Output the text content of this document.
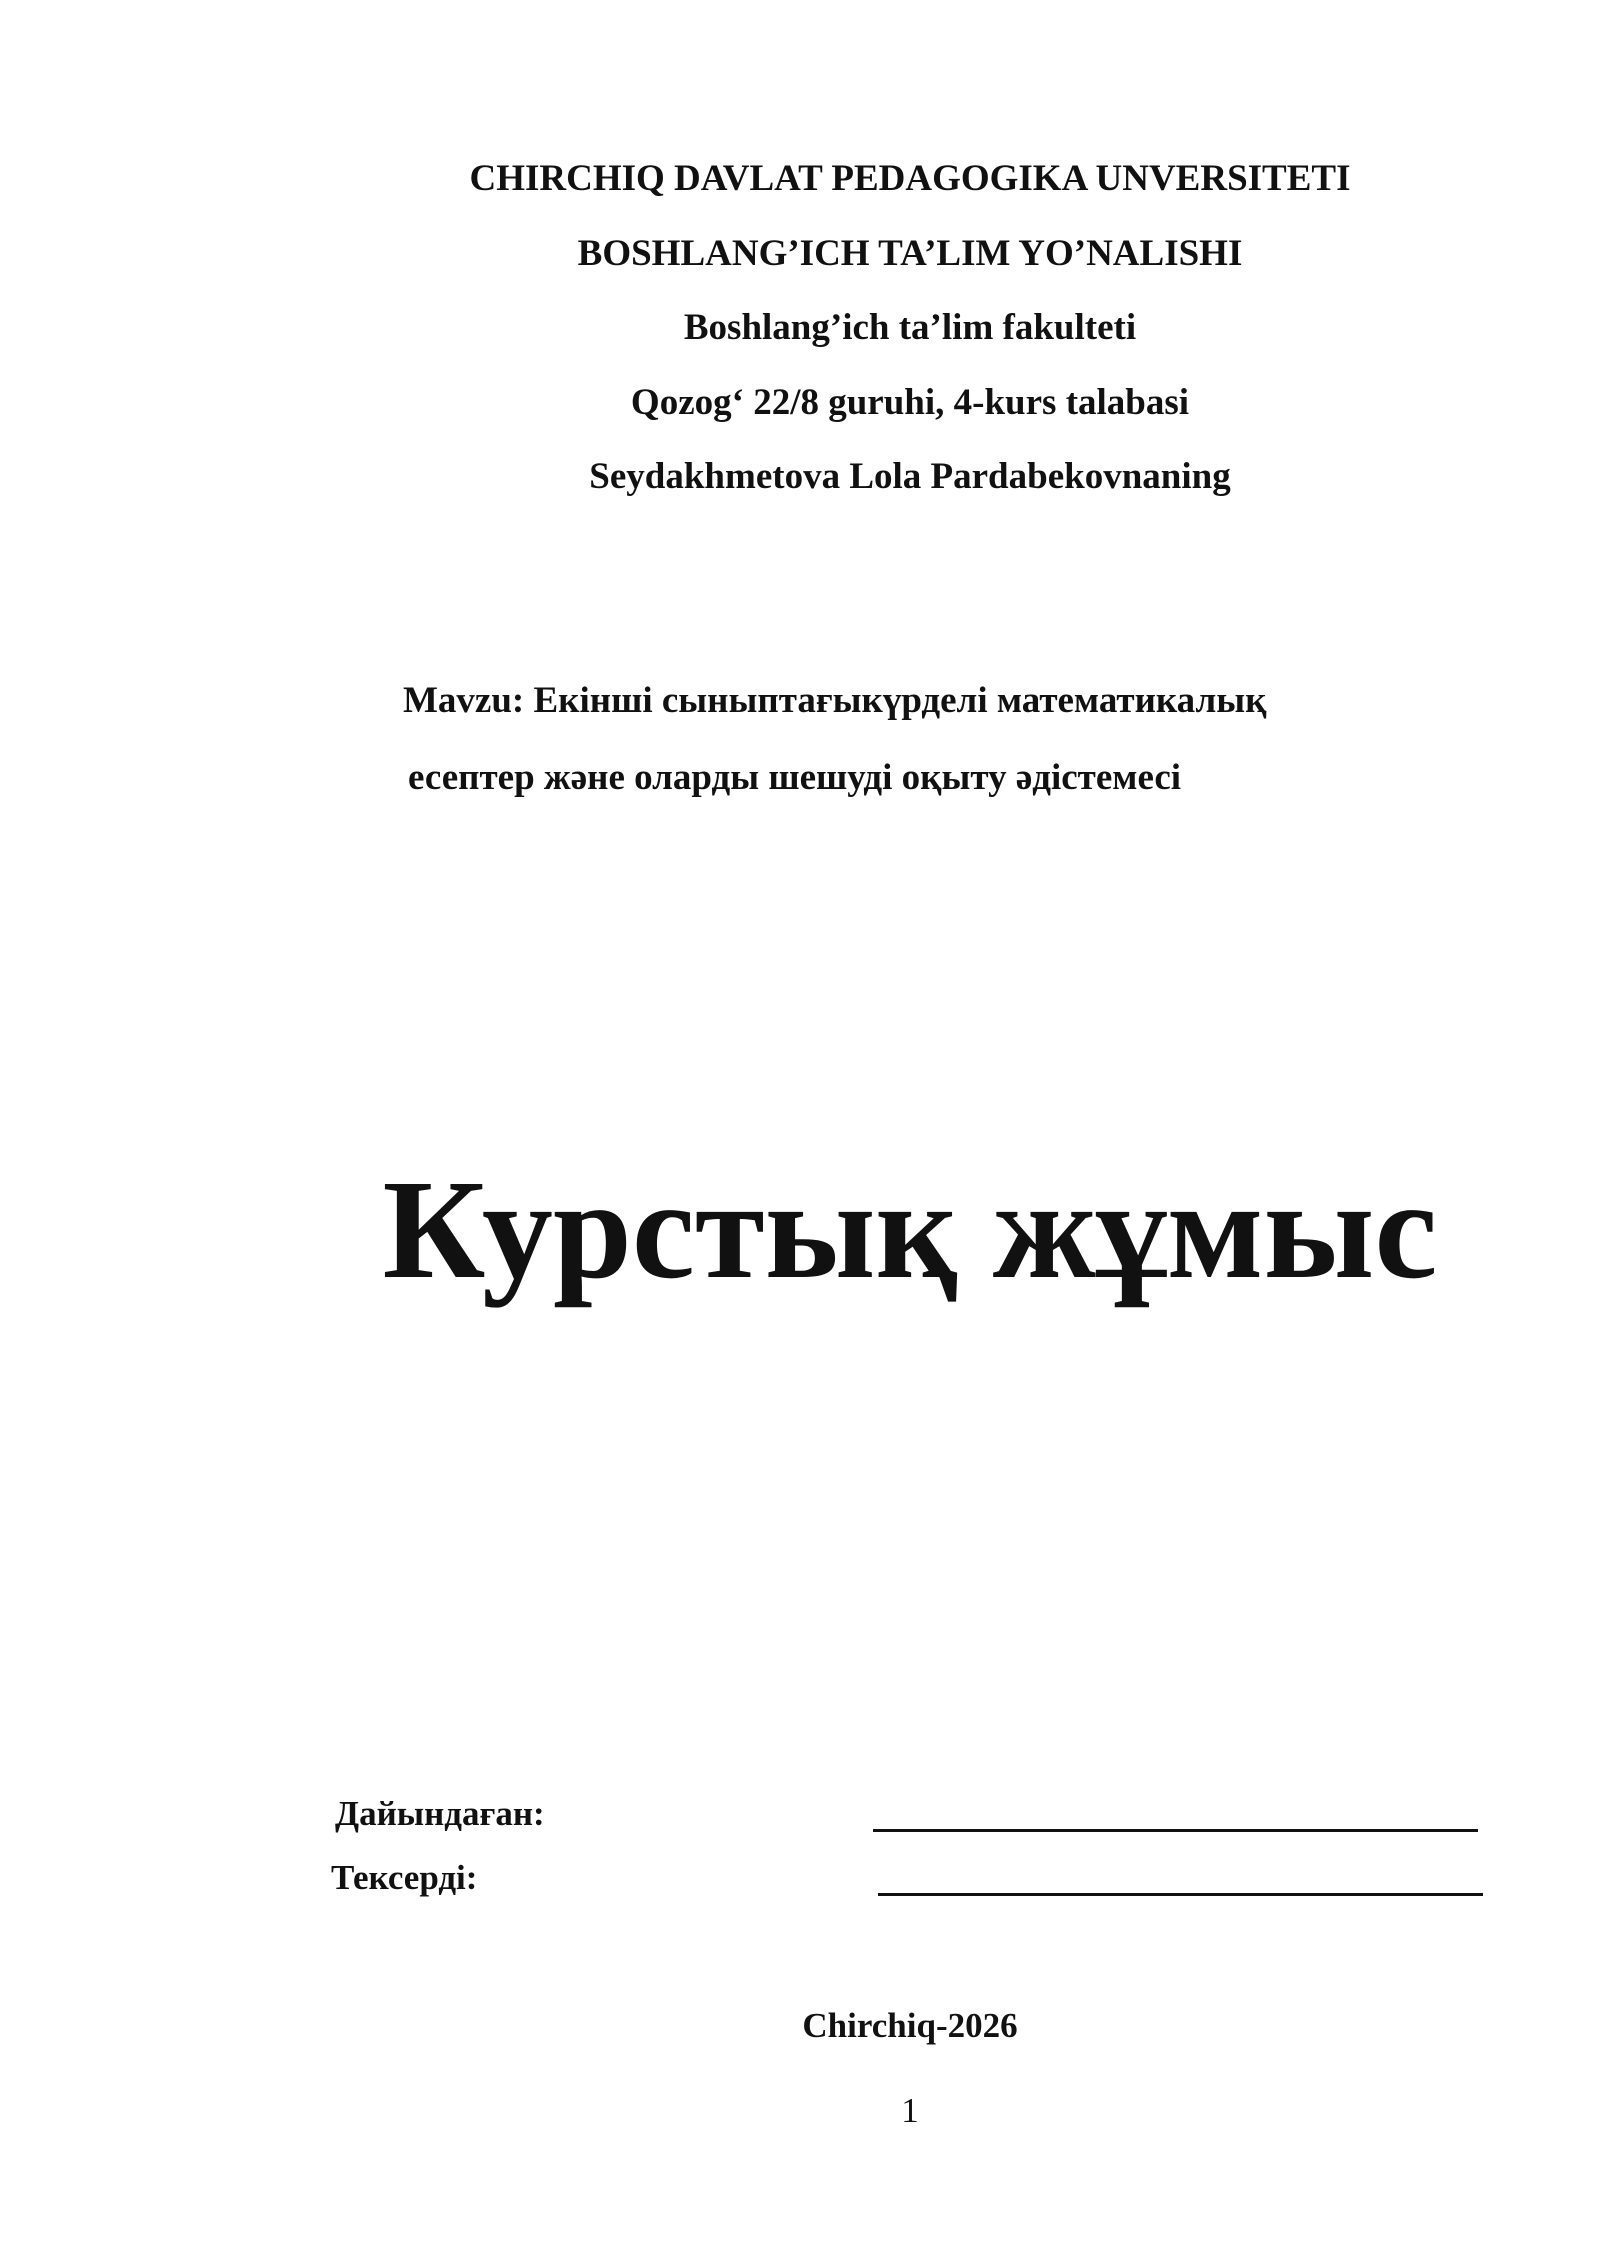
CHIRCHIQ DAVLAT PEDAGOGIKA UNVERSITETI
BOSHLANG’ICH TA’LIM YO’NALISHI
Boshlang’ich ta’lim fakulteti
Qozog‘ 22/8 guruhi, 4-kurs talabasi
Seydakhmetova Lola Pardabekovnaning
Mavzu: Екінші сыныптағыкүрделі математикалық
есептер және оларды шешуді оқыту әдістемесі
Курстық жұмыс
Дайындаған:
Тексерді:
Chirchiq-2026
1
